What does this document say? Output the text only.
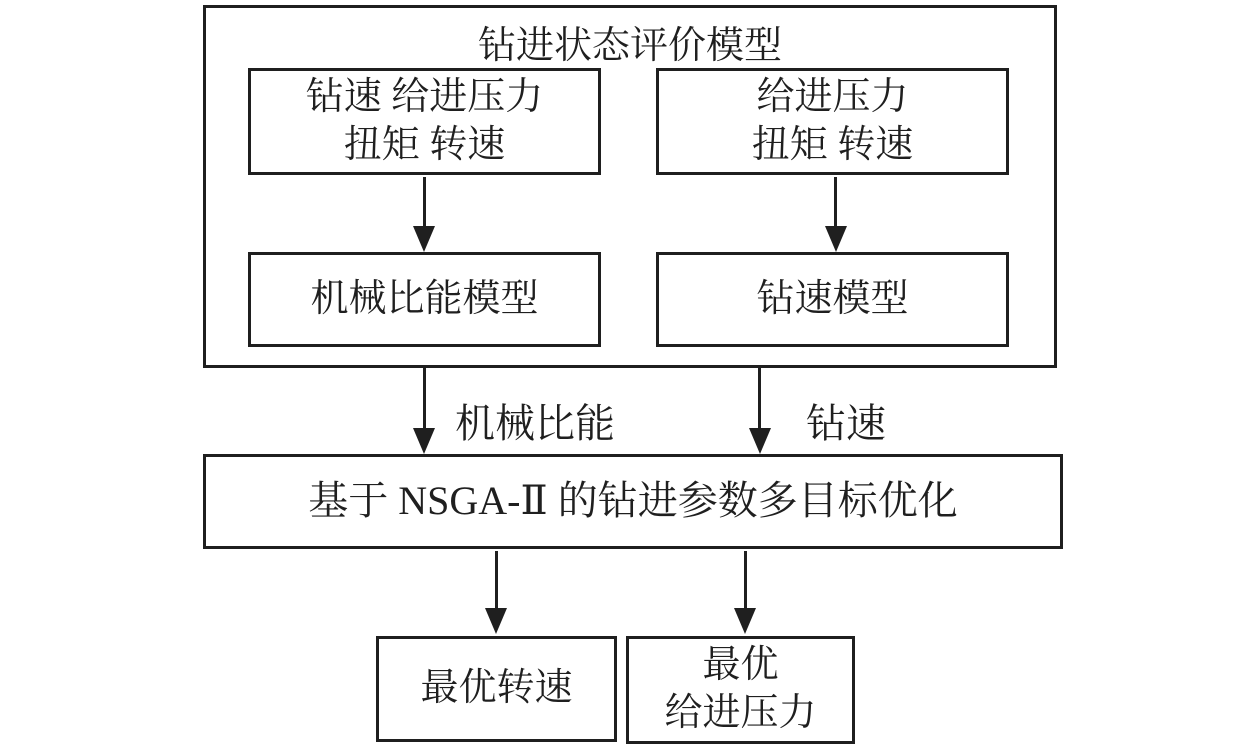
钻进状态评价模型
钻速 给进压力
扭矩 转速
给进压力
扭矩 转速
机械比能模型	钻速模型
机械比能	钻速
基于 NSGA-Ⅱ 的钻进参数多目标优化
最优转速
最优
给进压力
